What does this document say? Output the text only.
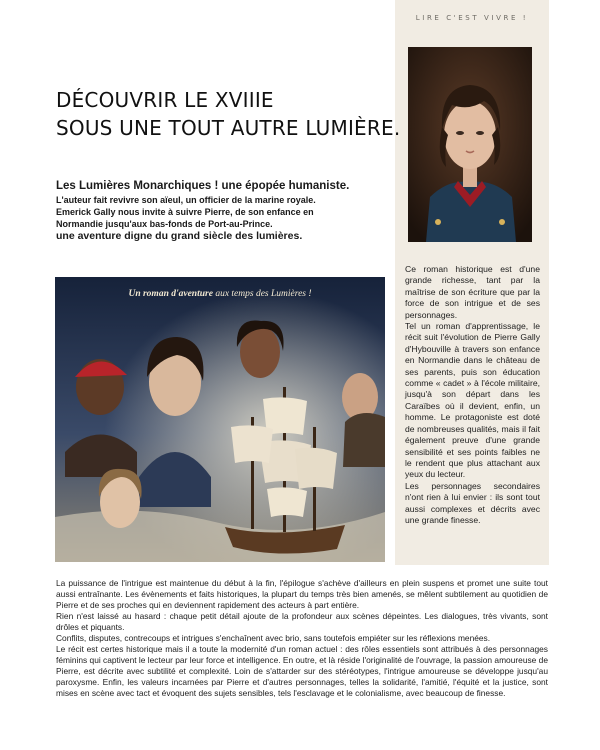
LIRE C'EST VIVRE !
DÉCOUVRIR LE XVIIIE
SOUS UNE TOUT AUTRE LUMIÈRE.
Les Lumières Monarchiques ! une épopée humaniste.
L'auteur fait revivre son aïeul, un officier de la marine royale.
Emerick Gally nous invite à suivre Pierre, de son enfance en
Normandie jusqu'aux bas-fonds de Port-au-Prince.
une aventure digne du grand siècle des lumières.
Un roman d'aventure aux temps des Lumières !

Ce roman historique est d'une grande richesse, tant par la maîtrise de son écriture que par la force de son intrigue et de ses personnages.

Tel un roman d'apprentissage, le récit suit l'évolution de Pierre Gally d'Hybouville à travers son enfance en Normandie dans le château de ses parents, puis son éducation comme « cadet » à l'école militaire, jusqu'à son départ dans les Caraïbes où il devient, enfin, un homme. Le protagoniste est doté de nombreuses qualités, mais il fait également preuve d'une grande sensibilité et ses points faibles ne le rendent que plus attachant aux yeux du lecteur.

Les personnages secondaires n'ont rien à lui envier : ils sont tout aussi complexes et décrits avec une grande finesse.

La puissance de l'intrigue est maintenue du début à la fin, l'épilogue s'achève d'ailleurs en plein suspens et promet une suite tout aussi entraînante. Les évènements et faits historiques, la plupart du temps très bien amenés, se mêlent subtilement au quotidien de Pierre et de ses proches qui en deviennent rapidement des acteurs à part entière.

Rien n'est laissé au hasard : chaque petit détail ajoute de la profondeur aux scènes dépeintes. Les dialogues, très vivants, sont drôles et piquants.

Conflits, disputes, contrecoups et intrigues s'enchaînent avec brio, sans toutefois empiéter sur les réflexions menées.

Le récit est certes historique mais il a toute la modernité d'un roman actuel : des rôles essentiels sont attribués à des personnages féminins qui captivent le lecteur par leur force et intelligence. En outre, et là réside l'originalité de l'ouvrage, la passion amoureuse de Pierre, est décrite avec subtilité et complexité. Loin de s'attarder sur des stéréotypes, l'intrigue amoureuse se développe jusqu'au paroxysme. Enfin, les valeurs incarnées par Pierre et d'autres personnages, telles la solidarité, l'amitié, l'équité et la justice, sont mises en scène avec tact et évoquent des sujets sensibles, tels l'esclavage et le colonialisme, avec beaucoup de finesse.
